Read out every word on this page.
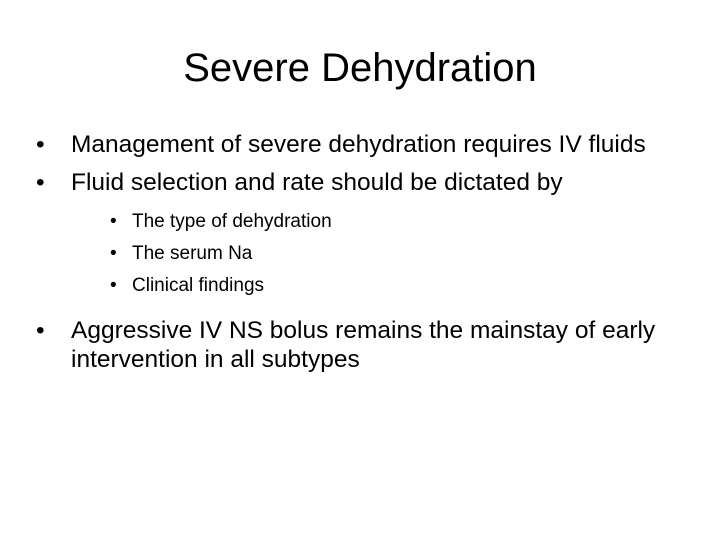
Severe Dehydration
•	Management of severe dehydration requires IV fluids
•	Fluid selection and rate should be dictated by
• The type of dehydration
• The serum Na
• Clinical findings
•	Aggressive IV NS bolus remains the mainstay of early intervention in all subtypes
